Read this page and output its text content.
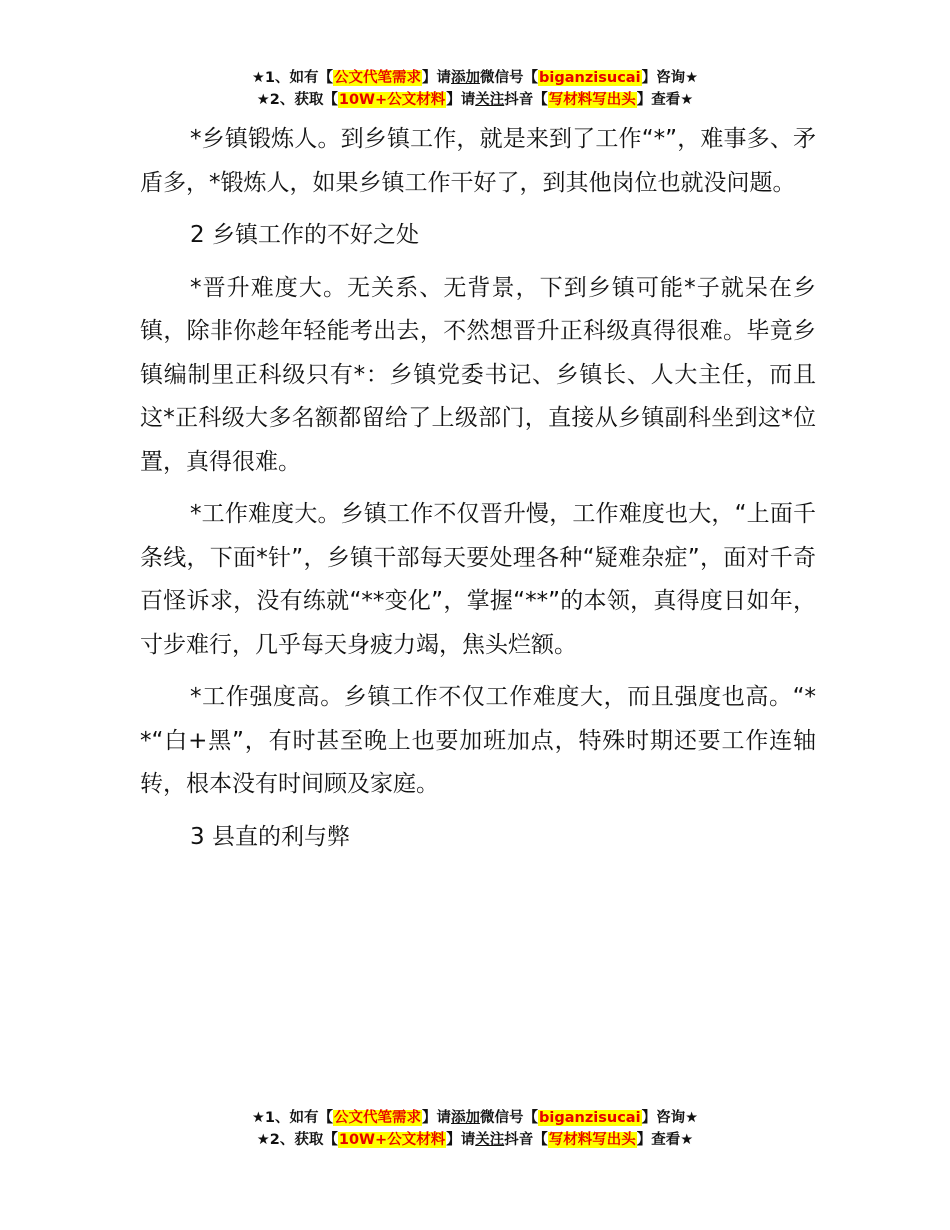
★1、如有【公文代笔需求】请添加微信号【biganzisucai】咨询★
★2、获取【10W+公文材料】请关注抖音【写材料写出头】查看★

*乡镇锻炼人。到乡镇工作，就是来到了工作“*”，难事多、矛盾多，*锻炼人，如果乡镇工作干好了，到其他岗位也就没问题。

2 乡镇工作的不好之处

*晋升难度大。无关系、无背景，下到乡镇可能*子就呆在乡镇，除非你趁年轻能考出去，不然想晋升正科级真得很难。毕竟乡镇编制里正科级只有*：乡镇党委书记、乡镇长、人大主任，而且这*正科级大多名额都留给了上级部门，直接从乡镇副科坐到这*位置，真得很难。

*工作难度大。乡镇工作不仅晋升慢，工作难度也大，“上面千条线，下面*针”，乡镇干部每天要处理各种“疑难杂症”，面对千奇百怪诉求，没有练就“**变化”，掌握“**”的本领，真得度日如年，寸步难行，几乎每天身疲力竭，焦头烂额。

*工作强度高。乡镇工作不仅工作难度大，而且强度也高。“**“白+黑”，有时甚至晚上也要加班加点，特殊时期还要工作连轴转，根本没有时间顾及家庭。

3 县直的利与弊

★1、如有【公文代笔需求】请添加微信号【biganzisucai】咨询★
★2、获取【10W+公文材料】请关注抖音【写材料写出头】查看★
